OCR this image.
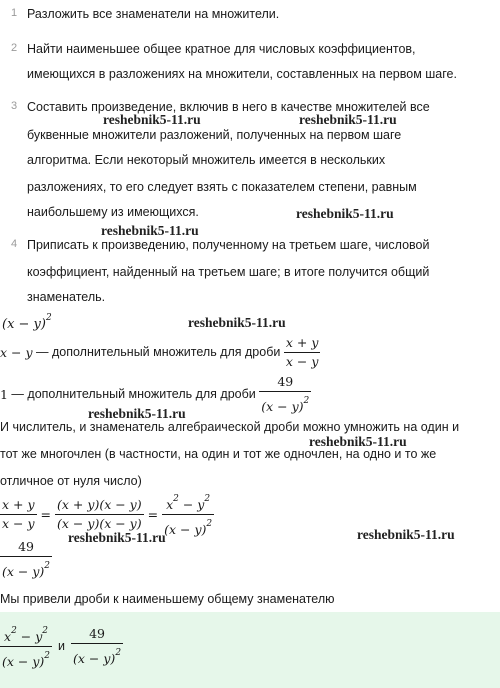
1 Разложить все знаменатели на множители.
2 Найти наименьшее общее кратное для числовых коэффициентов,
имеющихся в разложениях на множители, составленных на первом шаге.
3 Составить произведение, включив в него в качестве множителей все
буквенные множители разложений, полученных на первом шаге
алгоритма. Если некоторый множитель имеется в нескольких
разложениях, то его следует взять с показателем степени, равным
наибольшему из имеющихся.
4 Приписать к произведению, полученному на третьем шаге, числовой
коэффициент, найденный на третьем шаге; в итоге получится общий
знаменатель.
reshebnik5-11.ru	reshebnik5-11.ru
reshebnik5-11.ru
reshebnik5-11.ru
reshebnik5-11.ru
reshebnik5-11.ru
reshebnik5-11.ru
reshebnik5-11.ru	reshebnik5-11.ru
$(x - y)^2$
x − y — дополнительный множитель для дроби $\frac{x + y}{x - y}$
1 — дополнительный множитель для дроби $\frac{49}{(x - y)^2}$
И числитель, и знаменатель алгебраической дроби можно умножить на один и
тот же многочлен (в частности, на один и тот же одночлен, на одно и то же
отличное от нуля число)
$\frac{x + y}{x - y} = \frac{(x + y)(x - y)}{(x - y)(x - y)} = \frac{x^2 - y^2}{(x - y)^2}$
$\frac{49}{(x - y)^2}$
Мы привели дроби к наименьшему общему знаменателю
$\frac{x^2 - y^2}{(x - y)^2}$ и $\frac{49}{(x - y)^2}$
